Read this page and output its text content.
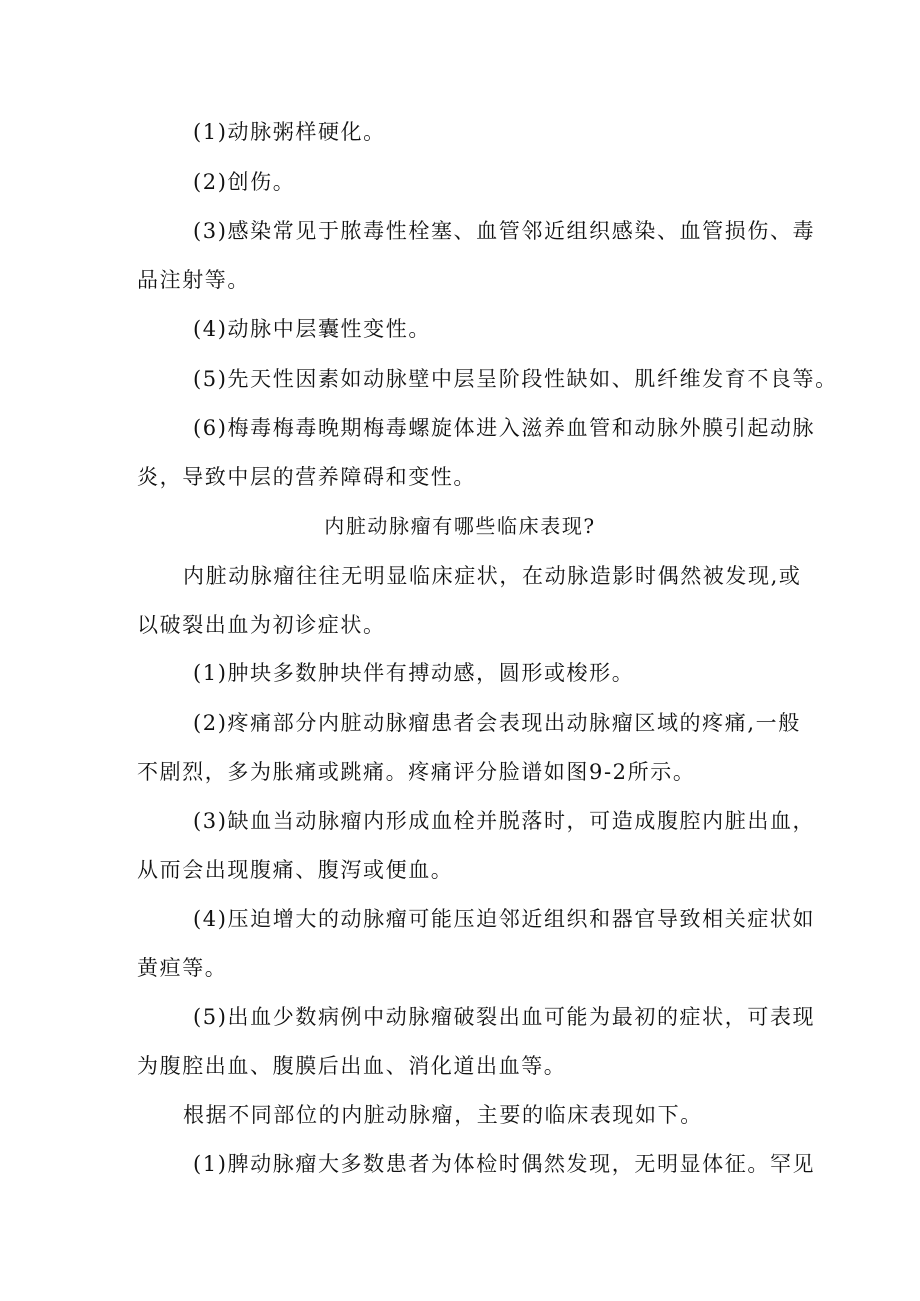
(1)动脉粥样硬化。
(2)创伤。
(3)感染常见于脓毒性栓塞、血管邻近组织感染、血管损伤、毒
品注射等。
(4)动脉中层囊性变性。
(5)先天性因素如动脉壁中层呈阶段性缺如、肌纤维发育不良等。
(6)梅毒梅毒晚期梅毒螺旋体进入滋养血管和动脉外膜引起动脉
炎，导致中层的营养障碍和变性。
内脏动脉瘤有哪些临床表现?
内脏动脉瘤往往无明显临床症状，在动脉造影时偶然被发现,或
以破裂出血为初诊症状。
(1)肿块多数肿块伴有搏动感，圆形或梭形。
(2)疼痛部分内脏动脉瘤患者会表现出动脉瘤区域的疼痛,一般
不剧烈，多为胀痛或跳痛。疼痛评分脸谱如图9-2所示。
(3)缺血当动脉瘤内形成血栓并脱落时，可造成腹腔内脏出血，
从而会出现腹痛、腹泻或便血。
(4)压迫增大的动脉瘤可能压迫邻近组织和器官导致相关症状如
黄疸等。
(5)出血少数病例中动脉瘤破裂出血可能为最初的症状，可表现
为腹腔出血、腹膜后出血、消化道出血等。
根据不同部位的内脏动脉瘤，主要的临床表现如下。
(1)脾动脉瘤大多数患者为体检时偶然发现，无明显体征。罕见
